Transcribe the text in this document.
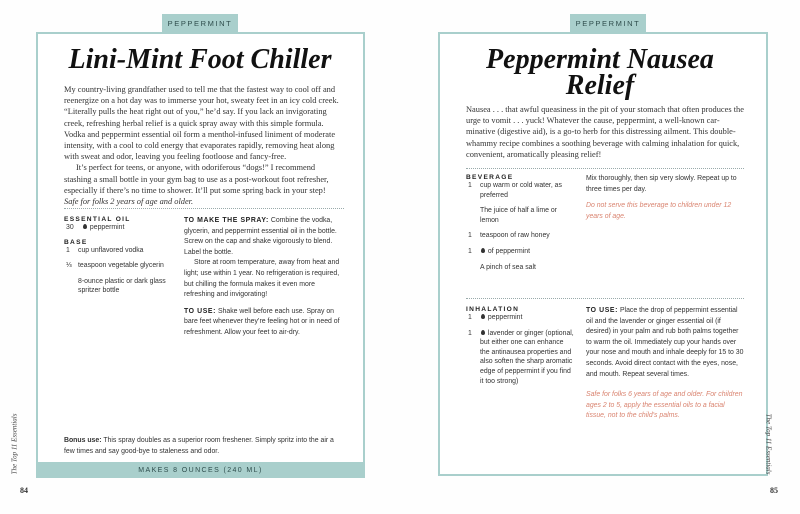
PEPPERMINT
Lini-Mint Foot Chiller

My country-living grandfather used to tell me that the fastest way to cool off and reenergize on a hot day was to immerse your hot, sweaty feet in an icy cold creek. “Literally pulls the heat right out of you,” he’d say. If you lack an invigorating creek, refreshing herbal relief is a quick spray away with this simple formula. Vodka and peppermint essential oil form a menthol-infused liniment of moderate intensity, with a cool to cold energy that evaporates rapidly, removing heat along with sweat and odor, leaving you feeling footloose and fancy-free.

It’s perfect for teens, or anyone, with odoriferous “dogs!” I recommend stashing a small bottle in your gym bag to use as a post-workout foot refresher, especially if there’s no time to shower. It’ll put some spring back in your step!

Safe for folks 2 years of age and older.

ESSENTIAL OIL
30 peppermint
BASE
1 cup unflavored vodka
⅓ teaspoon vegetable glycerin
8-ounce plastic or dark glass spritzer bottle
TO MAKE THE SPRAY: Combine the vodka, glycerin, and peppermint essential oil in the bottle. Screw on the cap and shake vigorously to blend. Label the bottle.
Store at room temperature, away from heat and light; use within 1 year. No refrigeration is required, but chilling the formula makes it even more refreshing and invigorating!
TO USE: Shake well before each use. Spray on bare feet whenever they’re feeling hot or in need of refreshment. Allow your feet to air-dry.
Bonus use: This spray doubles as a superior room freshener. Simply spritz into the air a few times and say good-bye to staleness and odor.
MAKES 8 OUNCES (240 ML)
84
The Top 11 Essentials
PEPPERMINT
Peppermint Nausea
Relief
Nausea . . . that awful queasiness in the pit of your stomach that often produces the urge to vomit . . . yuck! Whatever the cause, peppermint, a well-known carminative (digestive aid), is a go-to herb for this distressing ailment. This double-whammy recipe combines a soothing beverage with calming inhalation for quick, convenient, aromatically pleasing relief!
BEVERAGE
1 cup warm or cold water, as preferred
The juice of half a lime or lemon
1 teaspoon of raw honey
1 of peppermint
A pinch of sea salt
Mix thoroughly, then sip very slowly. Repeat up to three times per day.
Do not serve this beverage to children under 12 years of age.
INHALATION
1 peppermint
1 lavender or ginger (optional, but either one can enhance the antinausea properties and also soften the sharp aromatic edge of peppermint if you find it too strong)
TO USE: Place the drop of peppermint essential oil and the lavender or ginger essential oil (if desired) in your palm and rub both palms together to warm the oil. Immediately cup your hands over your nose and mouth and inhale deeply for 15 to 30 seconds. Avoid direct contact with the eyes, nose, and mouth. Repeat several times.
Safe for folks 6 years of age and older. For children ages 2 to 5, apply the essential oils to a facial tissue, not to the child’s palms.
85
The Top 11 Essentials
